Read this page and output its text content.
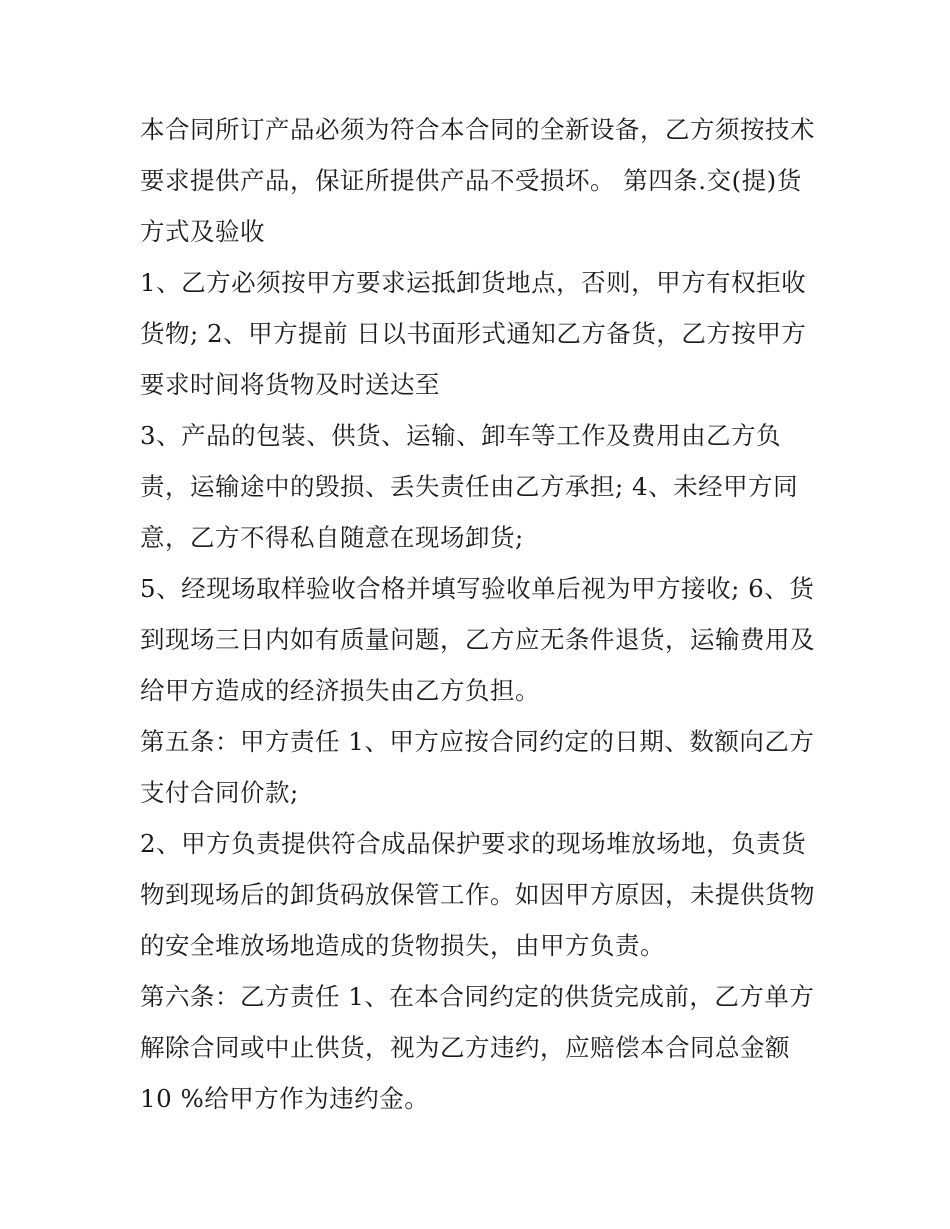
本合同所订产品必须为符合本合同的全新设备，乙方须按技术
要求提供产品，保证所提供产品不受损坏。 第四条.交(提)货
方式及验收

1、乙方必须按甲方要求运抵卸货地点，否则，甲方有权拒收
货物; 2、甲方提前 日以书面形式通知乙方备货，乙方按甲方
要求时间将货物及时送达至

3、产品的包装、供货、运输、卸车等工作及费用由乙方负
责，运输途中的毁损、丢失责任由乙方承担; 4、未经甲方同
意，乙方不得私自随意在现场卸货;

5、经现场取样验收合格并填写验收单后视为甲方接收; 6、货
到现场三日内如有质量问题，乙方应无条件退货，运输费用及
给甲方造成的经济损失由乙方负担。

第五条：甲方责任 1、甲方应按合同约定的日期、数额向乙方
支付合同价款;

2、甲方负责提供符合成品保护要求的现场堆放场地，负责货
物到现场后的卸货码放保管工作。如因甲方原因，未提供货物
的安全堆放场地造成的货物损失，由甲方负责。

第六条：乙方责任 1、在本合同约定的供货完成前，乙方单方
解除合同或中止供货，视为乙方违约，应赔偿本合同总金额
10 %给甲方作为违约金。
